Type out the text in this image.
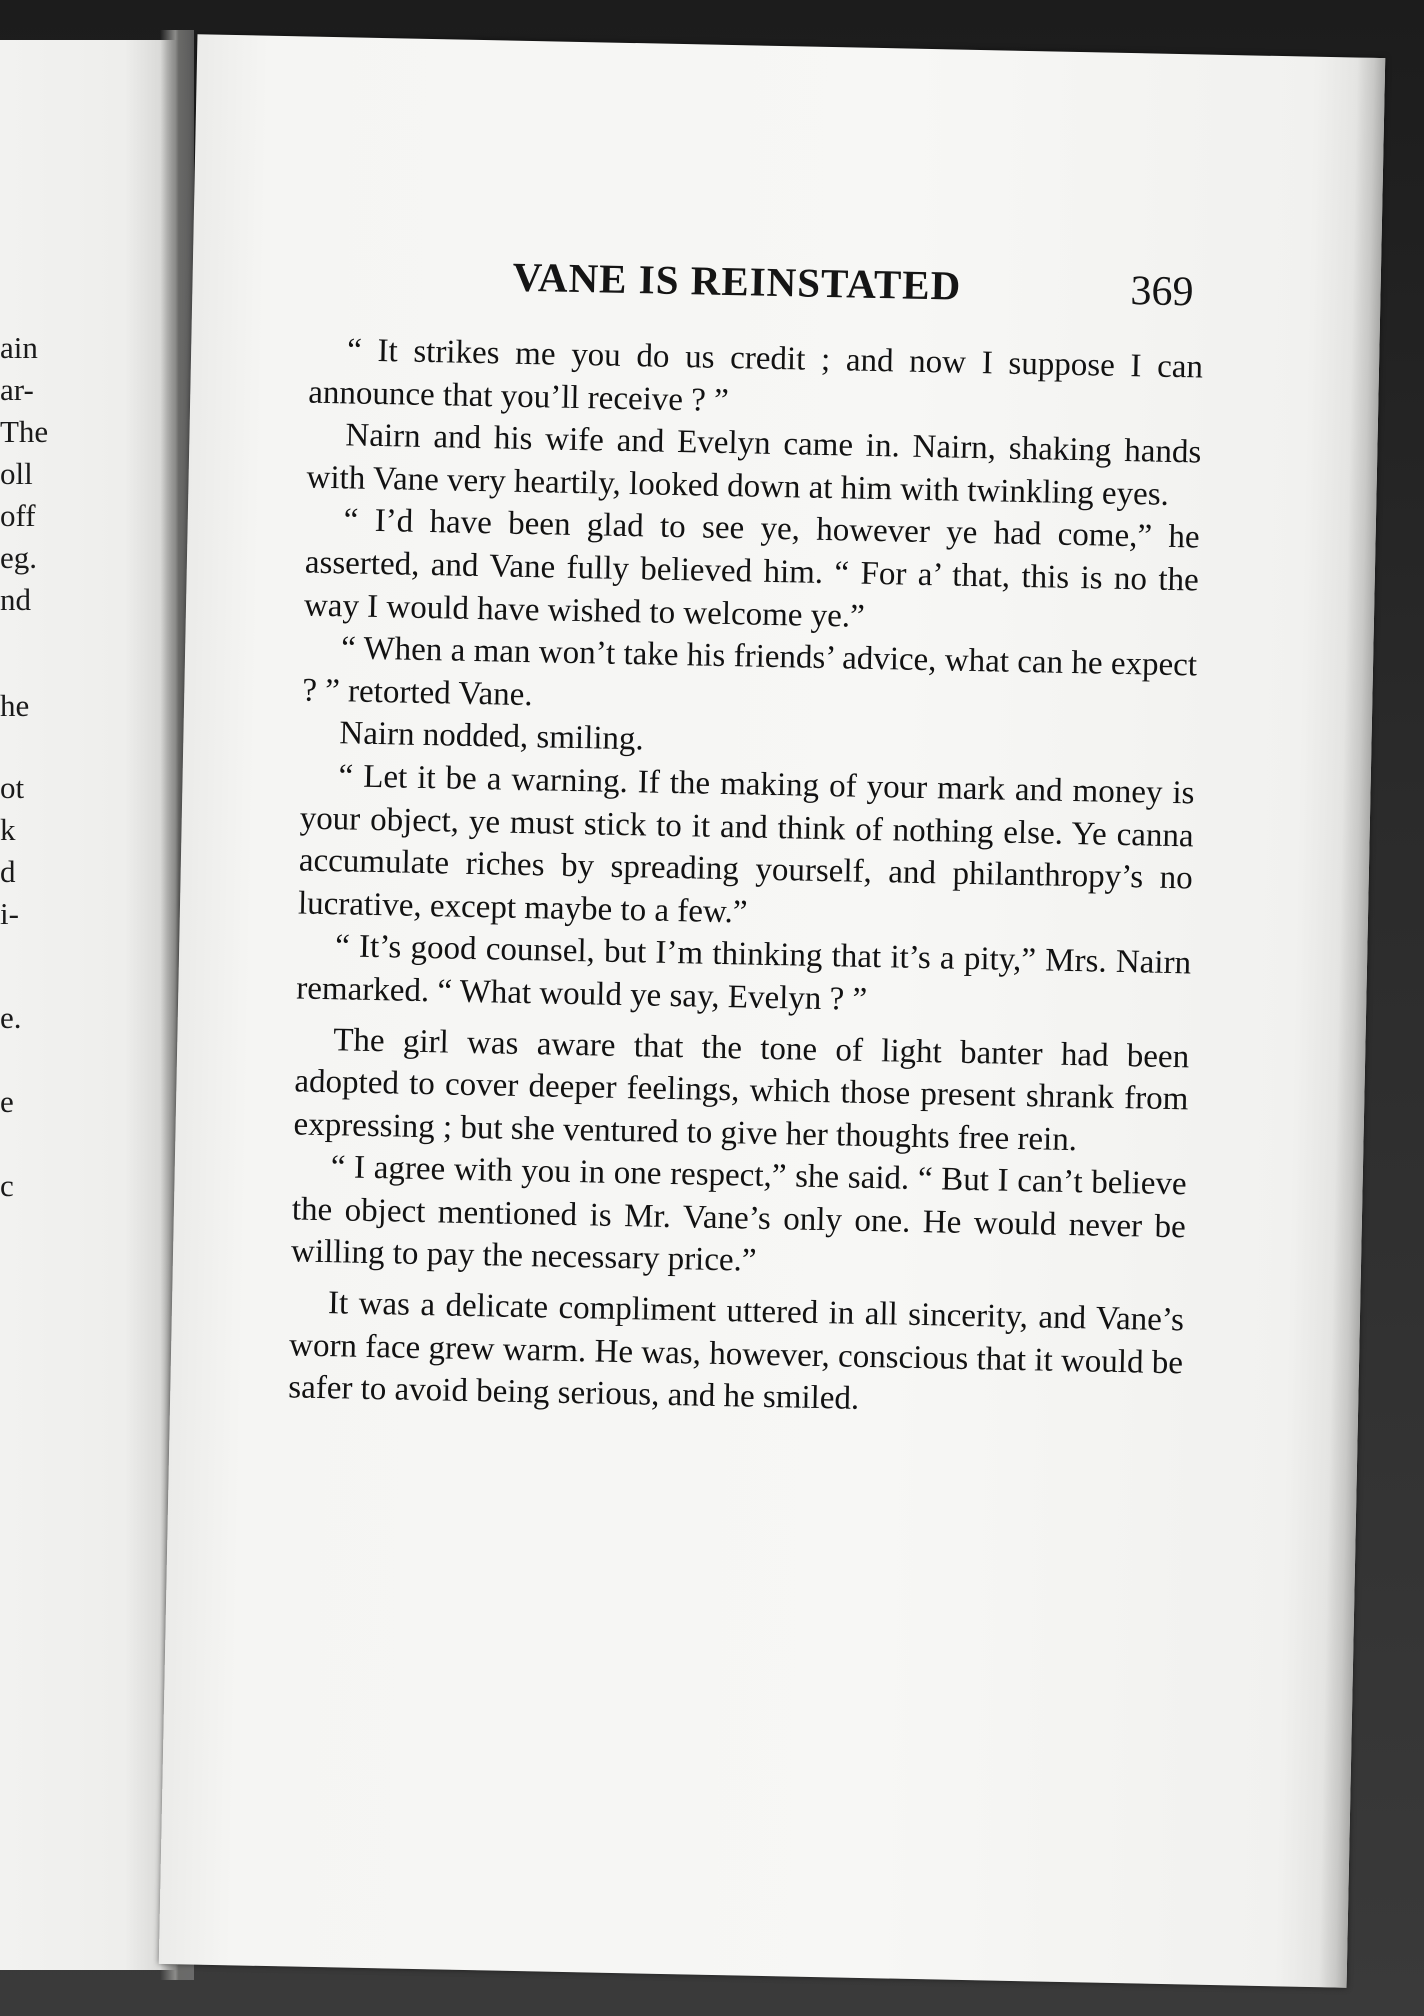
ain
ar-
The
oll
off
eg.
nd
he
ot
k
d
i-
e.
e
c
VANE IS REINSTATED	369

“ It strikes me you do us credit ; and now I suppose I can announce that you’ll receive ? ”

Nairn and his wife and Evelyn came in. Nairn, shaking hands with Vane very heartily, looked down at him with twinkling eyes.

“ I’d have been glad to see ye, however ye had come,” he asserted, and Vane fully believed him. “ For a’ that, this is no the way I would have wished to welcome ye.”

“ When a man won’t take his friends’ advice, what can he expect ? ” retorted Vane.

Nairn nodded, smiling.

“ Let it be a warning. If the making of your mark and money is your object, ye must stick to it and think of nothing else. Ye canna accumulate riches by spreading yourself, and philanthropy’s no lucrative, except maybe to a few.”

“ It’s good counsel, but I’m thinking that it’s a pity,” Mrs. Nairn remarked. “ What would ye say, Evelyn ? ”

The girl was aware that the tone of light banter had been adopted to cover deeper feelings, which those present shrank from expressing ; but she ventured to give her thoughts free rein.

“ I agree with you in one respect,” she said. “ But I can’t believe the object mentioned is Mr. Vane’s only one. He would never be willing to pay the necessary price.”

It was a delicate compliment uttered in all sincerity, and Vane’s worn face grew warm. He was, however, conscious that it would be safer to avoid being serious, and he smiled.
